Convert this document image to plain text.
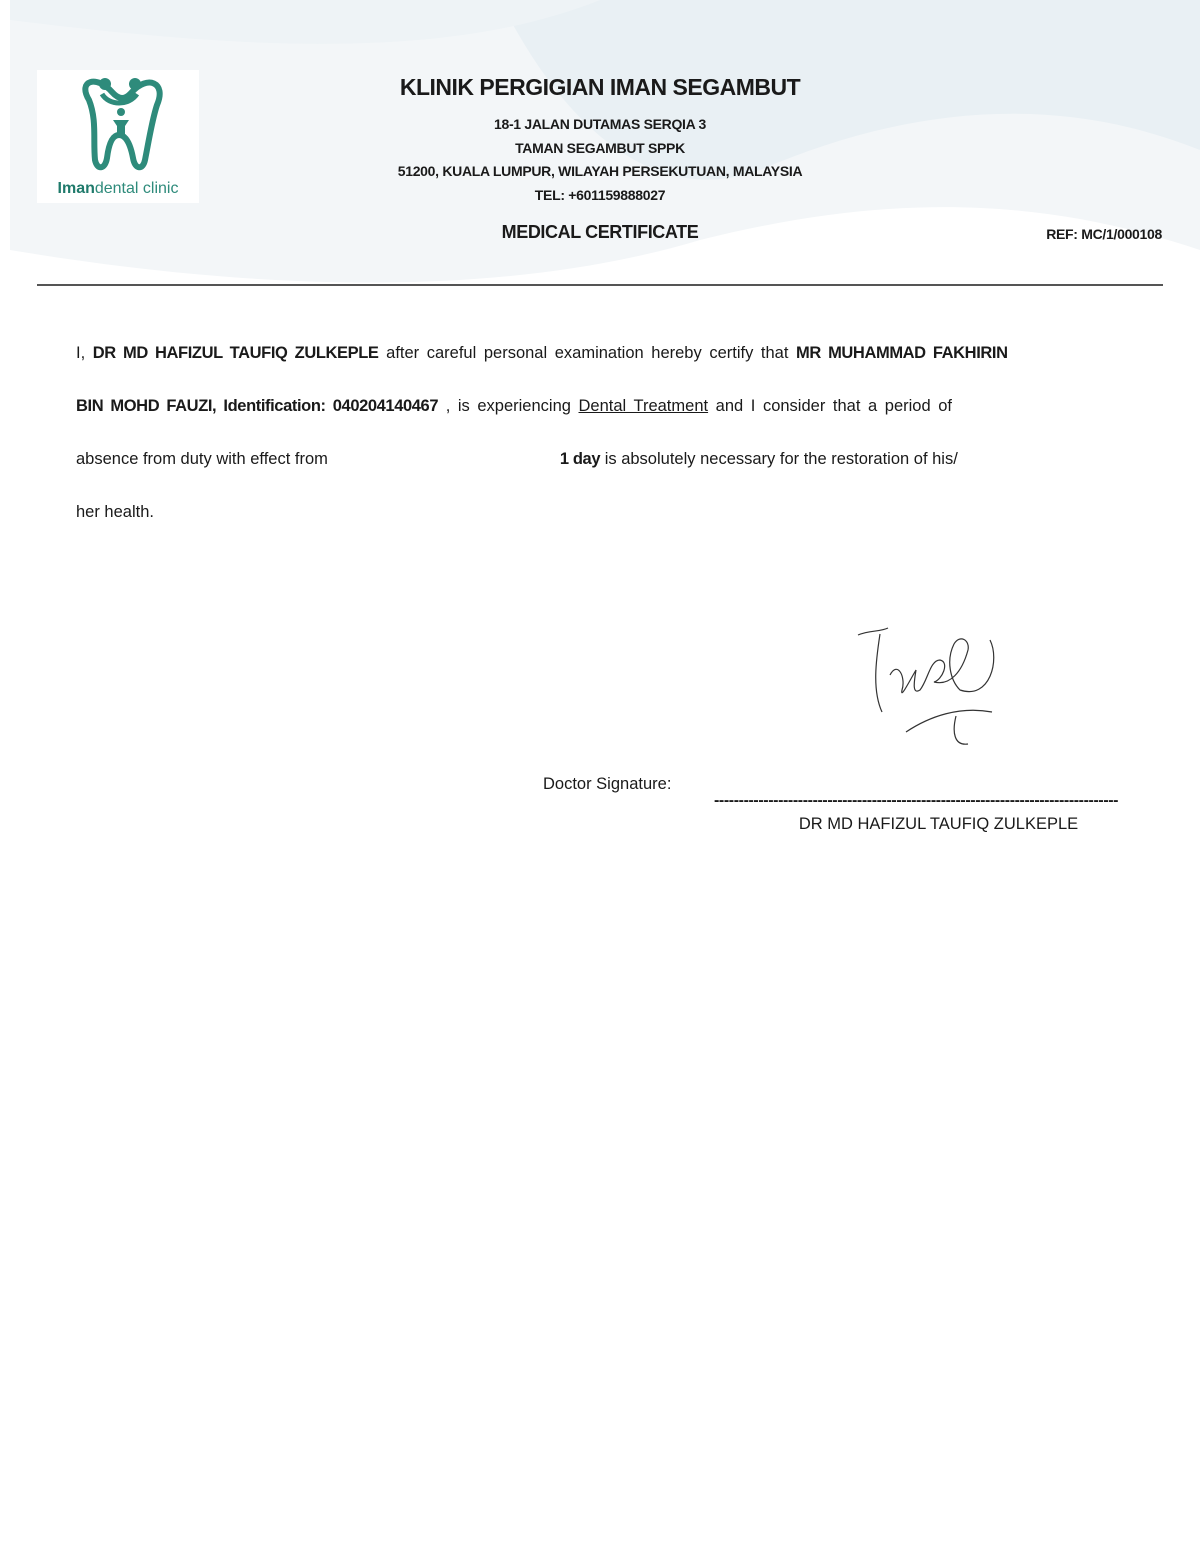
Imandental clinic
KLINIK PERGIGIAN IMAN SEGAMBUT
18-1 JALAN DUTAMAS SERQIA 3
TAMAN SEGAMBUT SPPK
51200, KUALA LUMPUR, WILAYAH PERSEKUTUAN, MALAYSIA
TEL: +601159888027
MEDICAL CERTIFICATE	REF: MC/1/000108
I, DR MD HAFIZUL TAUFIQ ZULKEPLE after careful personal examination hereby certify that MR MUHAMMAD FAKHIRIN
BIN MOHD FAUZI, Identification: 040204140467 , is experiencing Dental Treatment and I consider that a period of
absence from duty with effect from	1 day is absolutely necessary for the restoration of his/
her health.
Doctor Signature:
----------------------------------------------------------------------------------
DR MD HAFIZUL TAUFIQ ZULKEPLE
